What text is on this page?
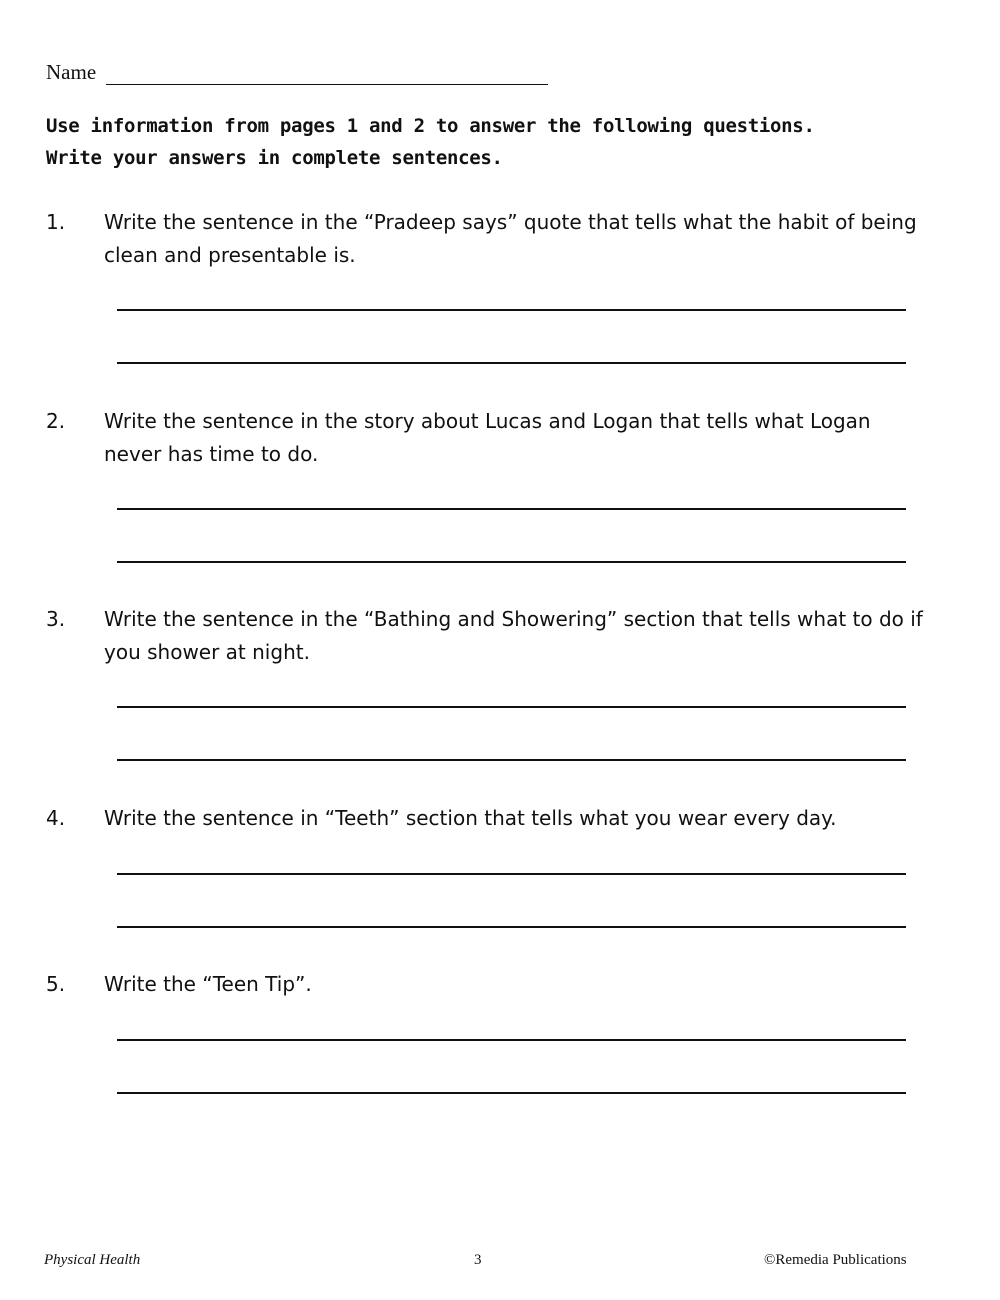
Name
Use information from pages 1 and 2 to answer the following questions.
Write your answers in complete sentences.
1. Write the sentence in the “Pradeep says” quote that tells what the habit of being clean and presentable is.
2. Write the sentence in the story about Lucas and Logan that tells what Logan never has time to do.
3. Write the sentence in the “Bathing and Showering” section that tells what to do if you shower at night.
4. Write the sentence in “Teeth” section that tells what you wear every day.
5. Write the “Teen Tip”.
Physical Health	3	©Remedia Publications
